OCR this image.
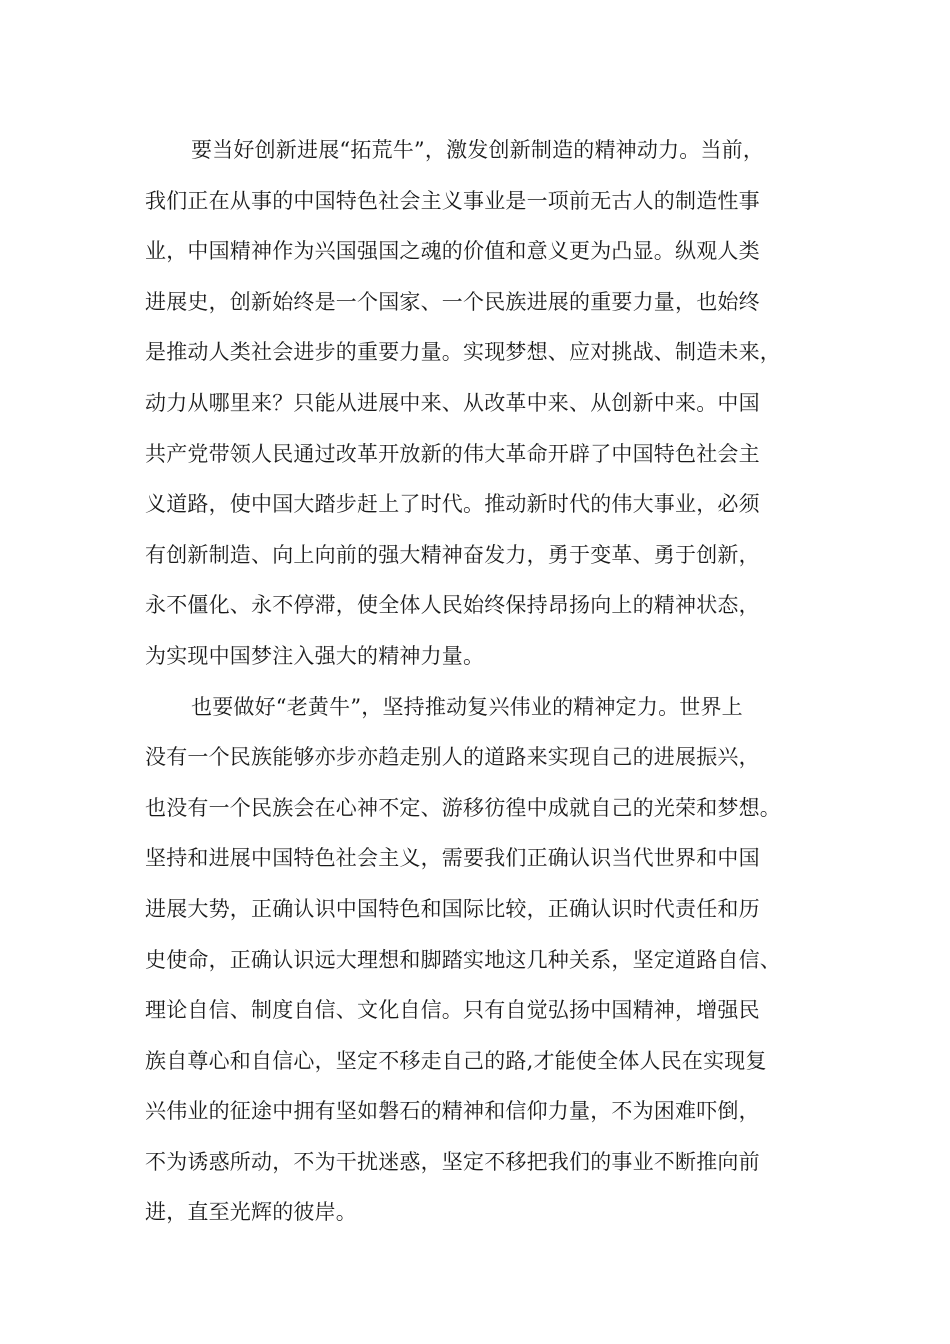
要当好创新进展“拓荒牛”，激发创新制造的精神动力。当前，
我们正在从事的中国特色社会主义事业是一项前无古人的制造性事
业，中国精神作为兴国强国之魂的价值和意义更为凸显。纵观人类
进展史，创新始终是一个国家、一个民族进展的重要力量，也始终
是推动人类社会进步的重要力量。实现梦想、应对挑战、制造未来，
动力从哪里来？只能从进展中来、从改革中来、从创新中来。中国
共产党带领人民通过改革开放新的伟大革命开辟了中国特色社会主
义道路，使中国大踏步赶上了时代。推动新时代的伟大事业，必须
有创新制造、向上向前的强大精神奋发力，勇于变革、勇于创新，
永不僵化、永不停滞，使全体人民始终保持昂扬向上的精神状态，
为实现中国梦注入强大的精神力量。
也要做好“老黄牛”，坚持推动复兴伟业的精神定力。世界上
没有一个民族能够亦步亦趋走别人的道路来实现自己的进展振兴，
也没有一个民族会在心神不定、游移彷徨中成就自己的光荣和梦想。
坚持和进展中国特色社会主义，需要我们正确认识当代世界和中国
进展大势，正确认识中国特色和国际比较，正确认识时代责任和历
史使命，正确认识远大理想和脚踏实地这几种关系，坚定道路自信、
理论自信、制度自信、文化自信。只有自觉弘扬中国精神，增强民
族自尊心和自信心，坚定不移走自己的路,才能使全体人民在实现复
兴伟业的征途中拥有坚如磐石的精神和信仰力量，不为困难吓倒，
不为诱惑所动，不为干扰迷惑，坚定不移把我们的事业不断推向前
进，直至光辉的彼岸。
